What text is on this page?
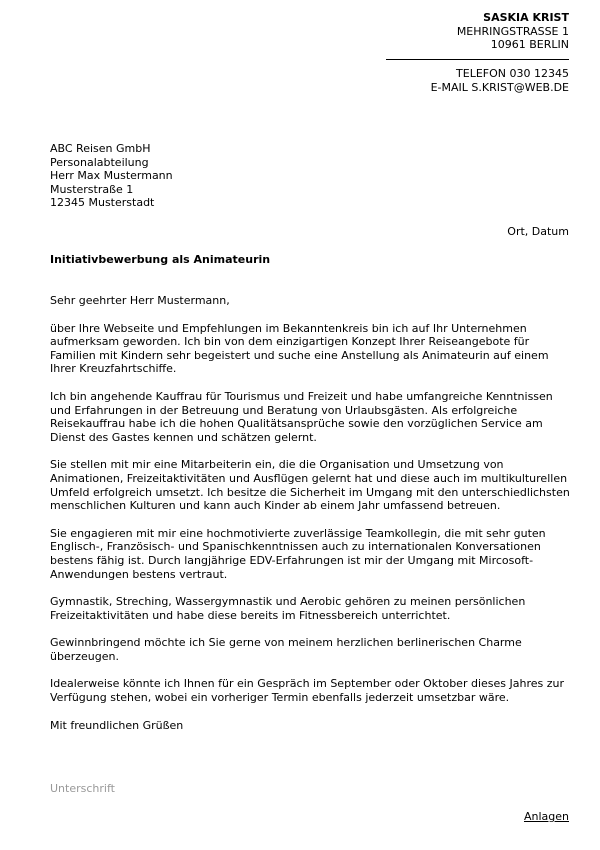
SASKIA KRIST
MEHRINGSTRASSE 1
10961 BERLIN
TELEFON 030 12345
E-MAIL S.KRIST@WEB.DE
ABC Reisen GmbH
Personalabteilung
Herr Max Mustermann
Musterstraße 1
12345 Musterstadt
Ort, Datum
Initiativbewerbung als Animateurin

Sehr geehrter Herr Mustermann,

über Ihre Webseite und Empfehlungen im Bekanntenkreis bin ich auf Ihr Unternehmen aufmerksam geworden. Ich bin von dem einzigartigen Konzept Ihrer Reiseangebote für Familien mit Kindern sehr begeistert und suche eine Anstellung als Animateurin auf einem Ihrer Kreuzfahrtschiffe.

Ich bin angehende Kauffrau für Tourismus und Freizeit und habe umfangreiche Kenntnissen und Erfahrungen in der Betreuung und Beratung von Urlaubsgästen. Als erfolgreiche Reisekauffrau habe ich die hohen Qualitätsansprüche sowie den vorzüglichen Service am Dienst des Gastes kennen und schätzen gelernt.

Sie stellen mit mir eine Mitarbeiterin ein, die die Organisation und Umsetzung von Animationen, Freizeitaktivitäten und Ausflügen gelernt hat und diese auch im multikulturellen Umfeld erfolgreich umsetzt. Ich besitze die Sicherheit im Umgang mit den unterschiedlichsten menschlichen Kulturen und kann auch Kinder ab einem Jahr umfassend betreuen.

Sie engagieren mit mir eine hochmotivierte zuverlässige Teamkollegin, die mit sehr guten Englisch-, Französisch- und Spanischkenntnissen auch zu internationalen Konversationen bestens fähig ist. Durch langjährige EDV-Erfahrungen ist mir der Umgang mit Mircosoft-Anwendungen bestens vertraut.

Gymnastik, Streching, Wassergymnastik und Aerobic gehören zu meinen persönlichen Freizeitaktivitäten und habe diese bereits im Fitnessbereich unterrichtet.

Gewinnbringend möchte ich Sie gerne von meinem herzlichen berlinerischen Charme überzeugen.

Idealerweise könnte ich Ihnen für ein Gespräch im September oder Oktober dieses Jahres zur Verfügung stehen, wobei ein vorheriger Termin ebenfalls jederzeit umsetzbar wäre.

Mit freundlichen Grüßen

Unterschrift
Anlagen
